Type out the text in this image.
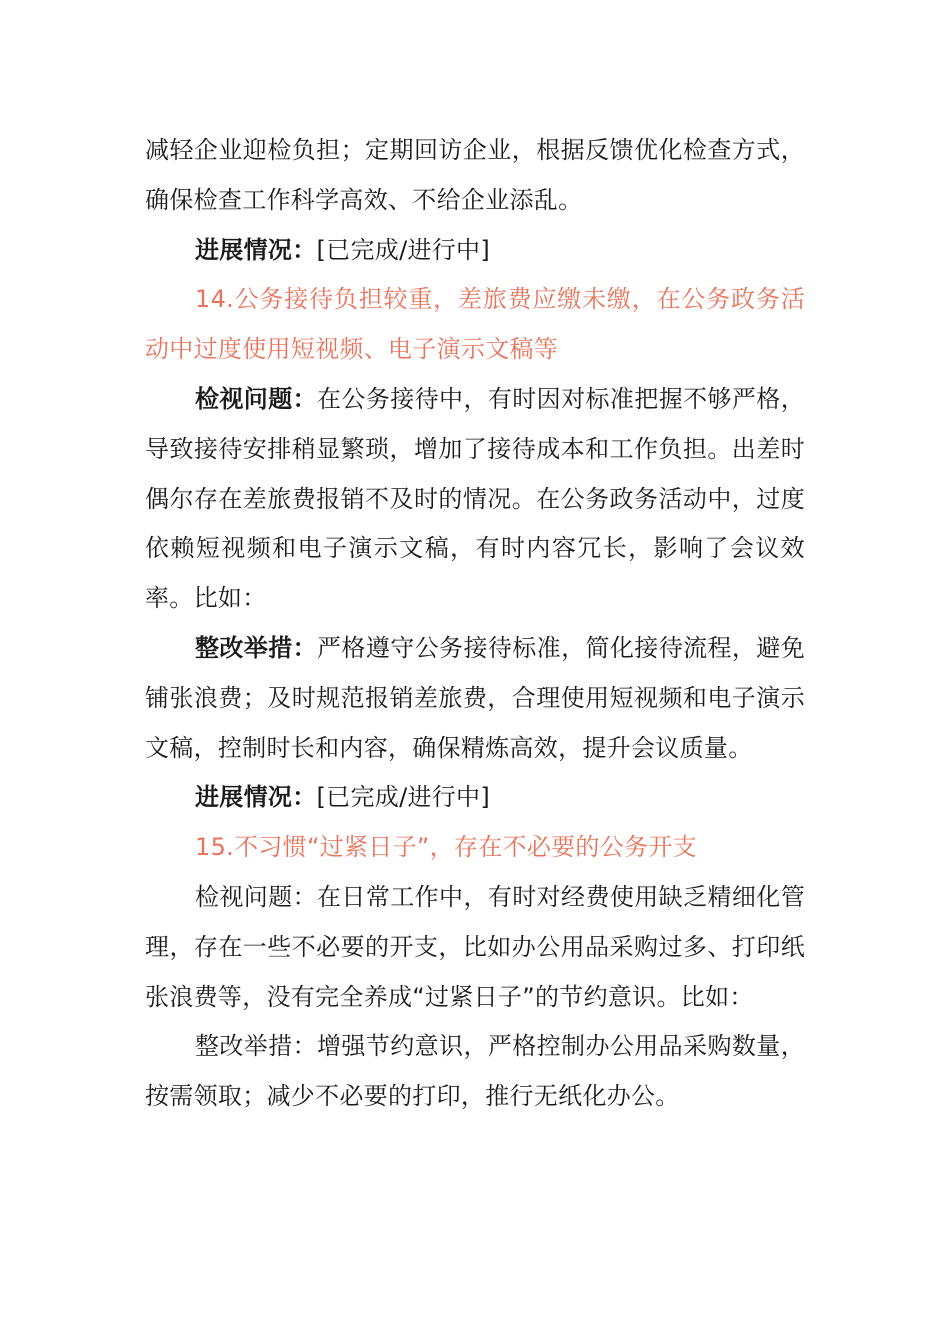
减轻企业迎检负担；定期回访企业，根据反馈优化检查方式，确保检查工作科学高效、不给企业添乱。

进展情况：[已完成/进行中]

14.公务接待负担较重，差旅费应缴未缴，在公务政务活动中过度使用短视频、电子演示文稿等

检视问题：在公务接待中，有时因对标准把握不够严格，导致接待安排稍显繁琐，增加了接待成本和工作负担。出差时偶尔存在差旅费报销不及时的情况。在公务政务活动中，过度依赖短视频和电子演示文稿，有时内容冗长，影响了会议效率。比如：

整改举措：严格遵守公务接待标准，简化接待流程，避免铺张浪费；及时规范报销差旅费，合理使用短视频和电子演示文稿，控制时长和内容，确保精炼高效，提升会议质量。

进展情况：[已完成/进行中]

15.不习惯“过紧日子”，存在不必要的公务开支

检视问题：在日常工作中，有时对经费使用缺乏精细化管理，存在一些不必要的开支，比如办公用品采购过多、打印纸张浪费等，没有完全养成“过紧日子”的节约意识。比如：

整改举措：增强节约意识，严格控制办公用品采购数量，按需领取；减少不必要的打印，推行无纸化办公。
